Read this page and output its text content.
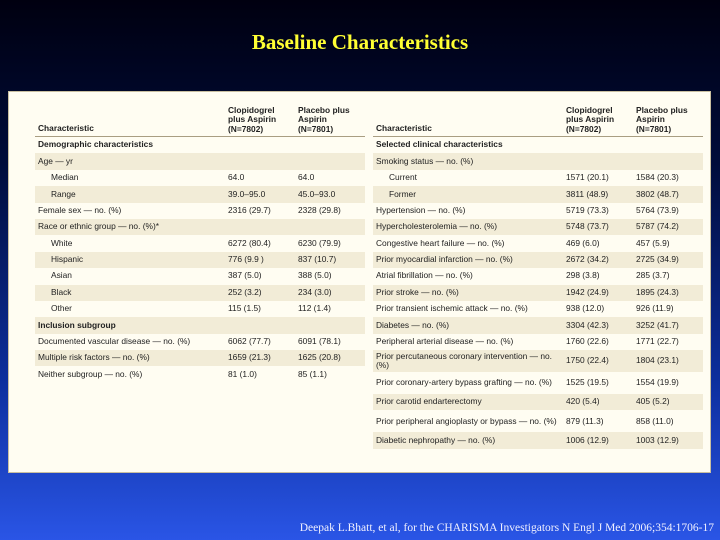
Baseline Characteristics
Characteristic	Clopidogrel plus Aspirin (N=7802)	Placebo plus Aspirin (N=7801)
Demographic characteristics		
Age — yr		
Median	64.0	64.0
Range	39.0–95.0	45.0–93.0
Female sex — no. (%)	2316 (29.7)	2328 (29.8)
Race or ethnic group — no. (%)*		
White	6272 (80.4)	6230 (79.9)
Hispanic	776 (9.9 )	837 (10.7)
Asian	387 (5.0)	388 (5.0)
Black	252 (3.2)	234 (3.0)
Other	115 (1.5)	112 (1.4)
Inclusion subgroup		
Documented vascular disease — no. (%)	6062 (77.7)	6091 (78.1)
Multiple risk factors — no. (%)	1659 (21.3)	1625 (20.8)
Neither subgroup — no. (%)	81 (1.0)	85 (1.1)
Characteristic	Clopidogrel plus Aspirin (N=7802)	Placebo plus Aspirin (N=7801)
Selected clinical characteristics		
Smoking status — no. (%)		
Current	1571 (20.1)	1584 (20.3)
Former	3811 (48.9)	3802 (48.7)
Hypertension — no. (%)	5719 (73.3)	5764 (73.9)
Hypercholesterolemia — no. (%)	5748 (73.7)	5787 (74.2)
Congestive heart failure — no. (%)	469 (6.0)	457 (5.9)
Prior myocardial infarction — no. (%)	2672 (34.2)	2725 (34.9)
Atrial fibrillation — no. (%)	298 (3.8)	285 (3.7)
Prior stroke — no. (%)	1942 (24.9)	1895 (24.3)
Prior transient ischemic attack — no. (%)	938 (12.0)	926 (11.9)
Diabetes — no. (%)	3304 (42.3)	3252 (41.7)
Peripheral arterial disease — no. (%)	1760 (22.6)	1771 (22.7)
Prior percutaneous coronary intervention — no. (%)	1750 (22.4)	1804 (23.1)
Prior coronary-artery bypass grafting — no. (%)	1525 (19.5)	1554 (19.9)
Prior carotid endarterectomy	420 (5.4)	405 (5.2)
Prior peripheral angioplasty or bypass — no. (%)	879 (11.3)	858 (11.0)
Diabetic nephropathy — no. (%)	1006 (12.9)	1003 (12.9)
Deepak L.Bhatt, et al, for the CHARISMA Investigators N Engl J Med 2006;354:1706-17
